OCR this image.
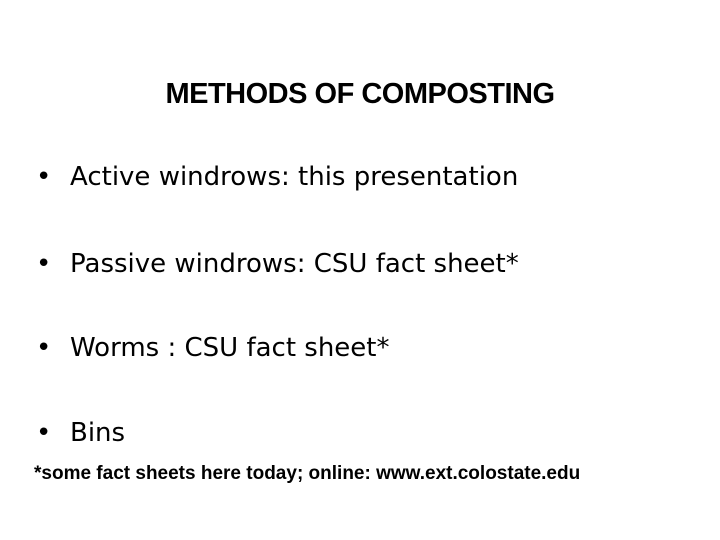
METHODS OF COMPOSTING
• Active windrows: this presentation
• Passive windrows: CSU fact sheet*
• Worms : CSU fact sheet*
• Bins
*some fact sheets here today; online: www.ext.colostate.edu
